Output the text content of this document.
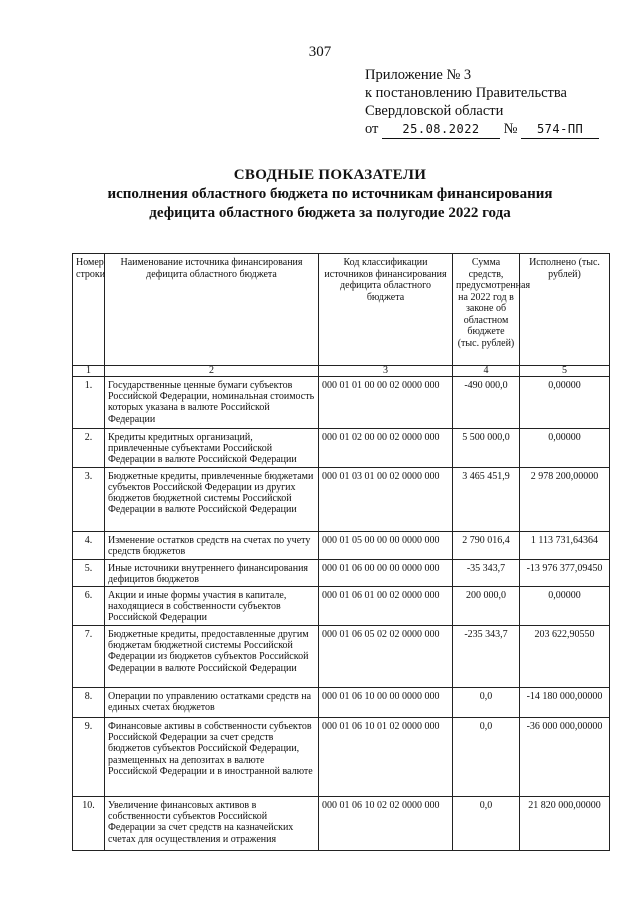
307
Приложение № 3
к постановлению Правительства
Свердловской области
от 25.08.2022 № 574-ПП
СВОДНЫЕ ПОКАЗАТЕЛИ
исполнения областного бюджета по источникам финансирования
дефицита областного бюджета за полугодие 2022 года
Номер строки	Наименование источника финансирования дефицита областного бюджета	Код классификации источников финансирования дефицита областного бюджета	Сумма средств, предусмотренная на 2022 год в законе об областном бюджете (тыс. рублей)	Исполнено (тыс. рублей)
1	2	3	4	5
1.	Государственные ценные бумаги субъектов Российской Федерации, номинальная стоимость которых указана в валюте Российской Федерации	000 01 01 00 00 02 0000 000	-490 000,0	0,00000
2.	Кредиты кредитных организаций, привлеченные субъектами Российской Федерации в валюте Российской Федерации	000 01 02 00 00 02 0000 000	5 500 000,0	0,00000
3.	Бюджетные кредиты, привлеченные бюджетами субъектов Российской Федерации из других бюджетов бюджетной системы Российской Федерации в валюте Российской Федерации	000 01 03 01 00 02 0000 000	3 465 451,9	2 978 200,00000
4.	Изменение остатков средств на счетах по учету средств бюджетов	000 01 05 00 00 00 0000 000	2 790 016,4	1 113 731,64364
5.	Иные источники внутреннего финансирования дефицитов бюджетов	000 01 06 00 00 00 0000 000	-35 343,7	-13 976 377,09450
6.	Акции и иные формы участия в капитале, находящиеся в собственности субъектов Российской Федерации	000 01 06 01 00 02 0000 000	200 000,0	0,00000
7.	Бюджетные кредиты, предоставленные другим бюджетам бюджетной системы Российской Федерации из бюджетов субъектов Российской Федерации в валюте Российской Федерации	000 01 06 05 02 02 0000 000	-235 343,7	203 622,90550
8.	Операции по управлению остатками средств на единых счетах бюджетов	000 01 06 10 00 00 0000 000	0,0	-14 180 000,00000
9.	Финансовые активы в собственности субъектов Российской Федерации за счет средств бюджетов субъектов Российской Федерации, размещенных на депозитах в валюте Российской Федерации и в иностранной валюте	000 01 06 10 01 02 0000 000	0,0	-36 000 000,00000
10.	Увеличение финансовых активов в собственности субъектов Российской Федерации за счет средств на казначейских счетах для осуществления и отражения	000 01 06 10 02 02 0000 000	0,0	21 820 000,00000
